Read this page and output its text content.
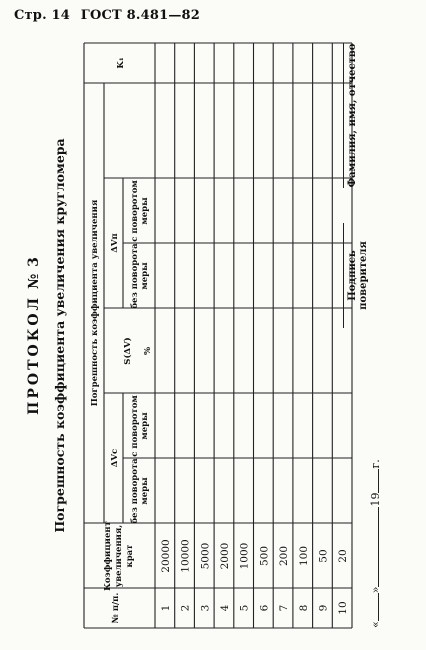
Стр. 14 ГОСТ 8.481—82
ПРОТОКОЛ№ 3 Погрешность коэффициента увеличения кругломера
№ п/п.
Коэффициент увеличения, крат
Погрешность коэффициента увеличения
ΔVc
ΔVп
S(ΔV) %
без поворота меры
с поворотом меры
без поворота меры
с поворотом меры
K₁
1
20000
2
10000
3
5000
4
2000
5
1000
6
500
7
200
8
100
9
50
10
20
«»19г.
Подпись поверителя
Фамилия, имя, отчество
